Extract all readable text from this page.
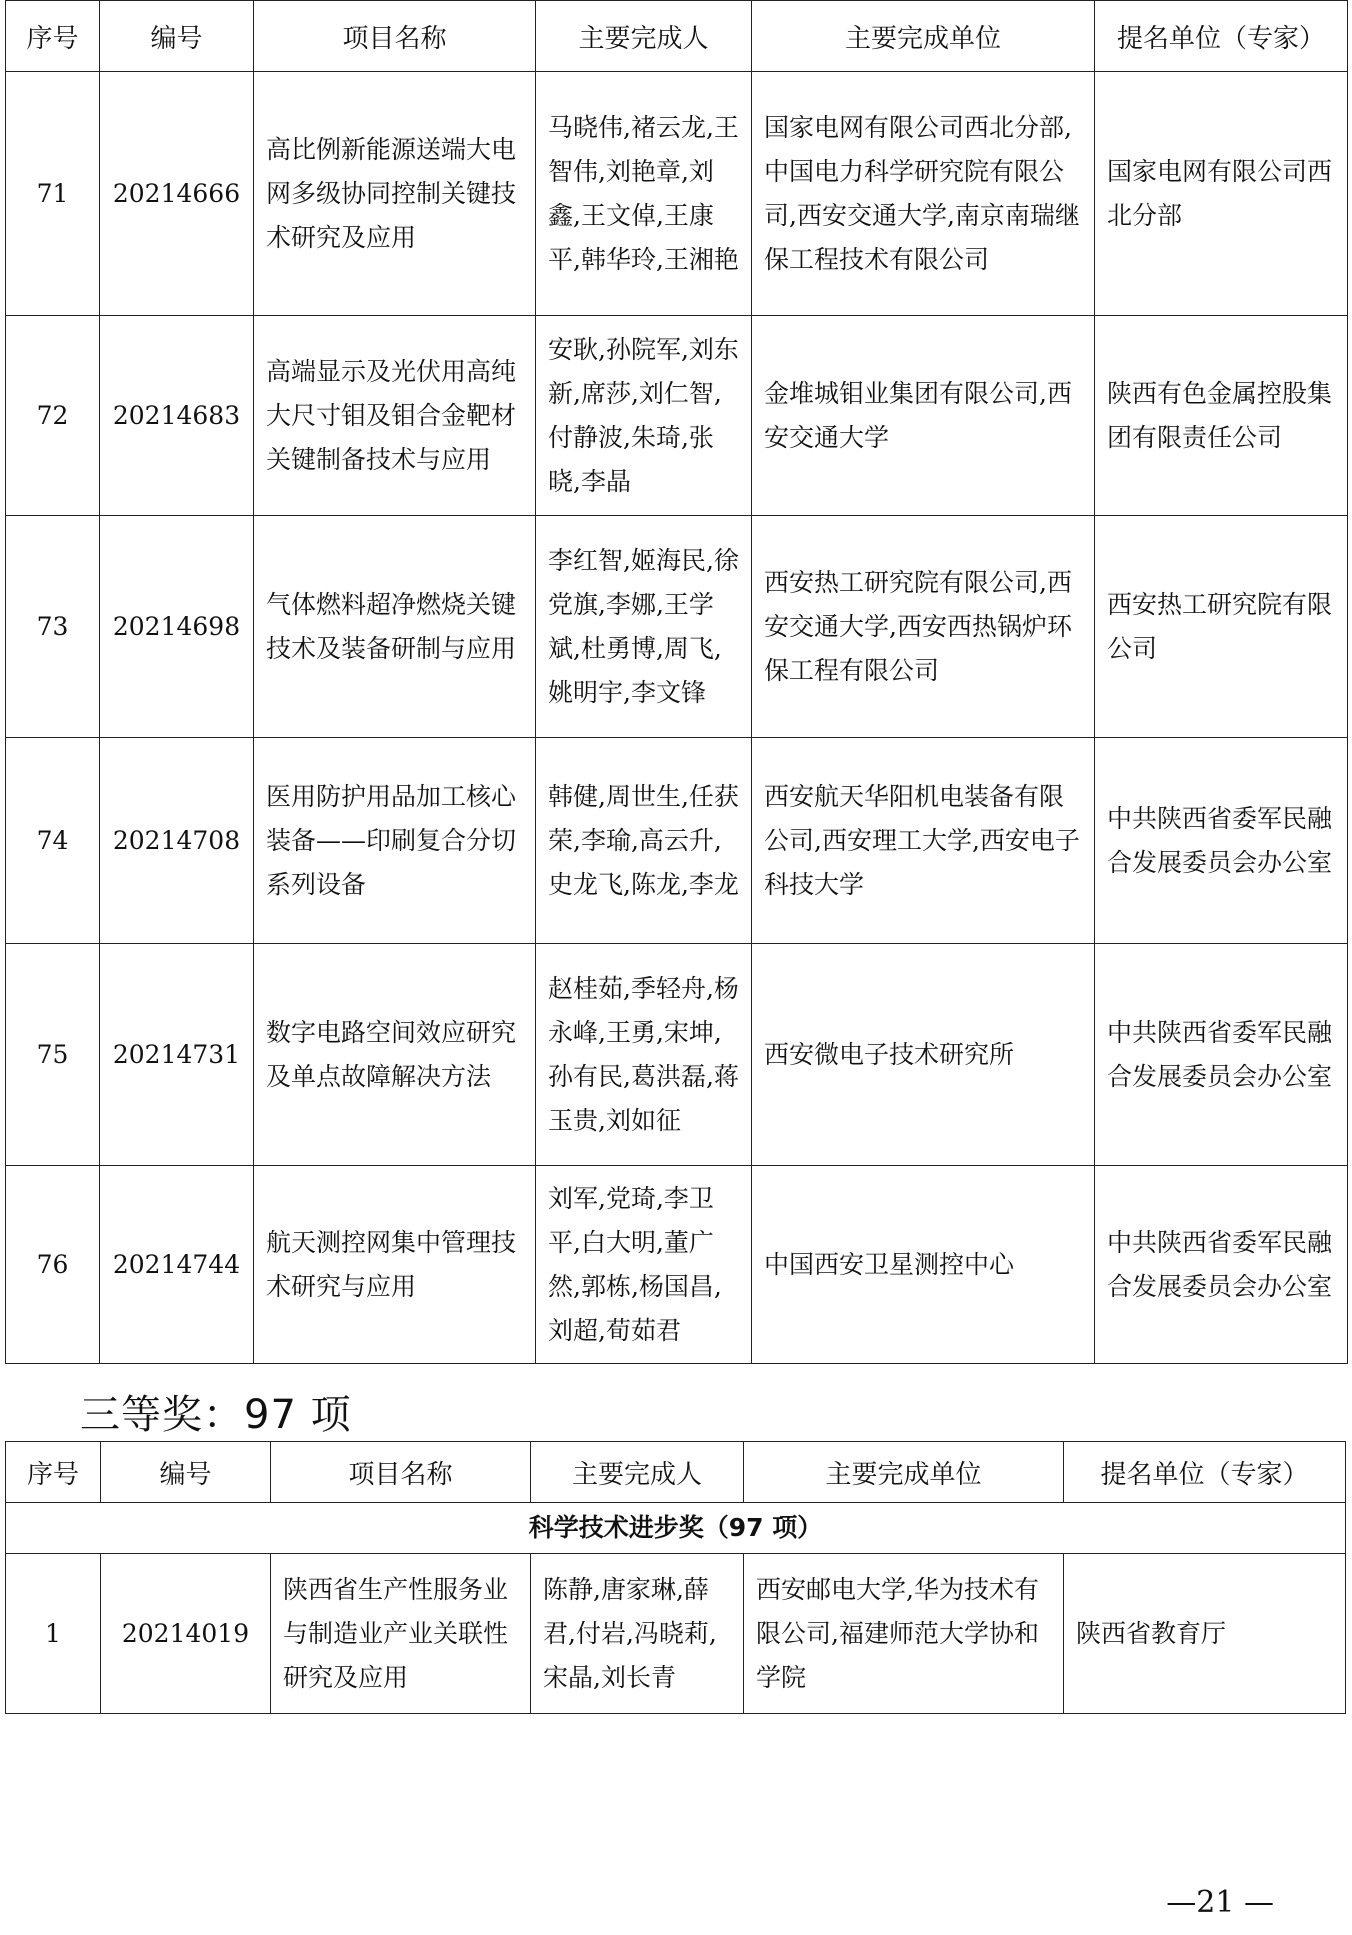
序号	编号	项目名称	主要完成人	主要完成单位	提名单位（专家）
71	20214666	高比例新能源送端大电网多级协同控制关键技术研究及应用	马晓伟,褚云龙,王智伟,刘艳章,刘鑫,王文倬,王康平,韩华玲,王湘艳	国家电网有限公司西北分部,中国电力科学研究院有限公司,西安交通大学,南京南瑞继保工程技术有限公司	国家电网有限公司西北分部
72	20214683	高端显示及光伏用高纯大尺寸钼及钼合金靶材关键制备技术与应用	安耿,孙院军,刘东新,席莎,刘仁智,付静波,朱琦,张晓,李晶	金堆城钼业集团有限公司,西安交通大学	陕西有色金属控股集团有限责任公司
73	20214698	气体燃料超净燃烧关键技术及装备研制与应用	李红智,姬海民,徐党旗,李娜,王学斌,杜勇博,周飞,姚明宇,李文锋	西安热工研究院有限公司,西安交通大学,西安西热锅炉环保工程有限公司	西安热工研究院有限公司
74	20214708	医用防护用品加工核心装备——印刷复合分切系列设备	韩健,周世生,任获荣,李瑜,高云升,史龙飞,陈龙,李龙	西安航天华阳机电装备有限公司,西安理工大学,西安电子科技大学	中共陕西省委军民融合发展委员会办公室
75	20214731	数字电路空间效应研究及单点故障解决方法	赵桂茹,季轻舟,杨永峰,王勇,宋坤,孙有民,葛洪磊,蒋玉贵,刘如征	西安微电子技术研究所	中共陕西省委军民融合发展委员会办公室
76	20214744	航天测控网集中管理技术研究与应用	刘军,党琦,李卫平,白大明,董广然,郭栋,杨国昌,刘超,荀茹君	中国西安卫星测控中心	中共陕西省委军民融合发展委员会办公室
三等奖：97 项
序号	编号	项目名称	主要完成人	主要完成单位	提名单位（专家）
科学技术进步奖（97 项）					
1	20214019	陕西省生产性服务业与制造业产业关联性研究及应用	陈静,唐家琳,薛君,付岩,冯晓莉,宋晶,刘长青	西安邮电大学,华为技术有限公司,福建师范大学协和学院	陕西省教育厅
—21 —
